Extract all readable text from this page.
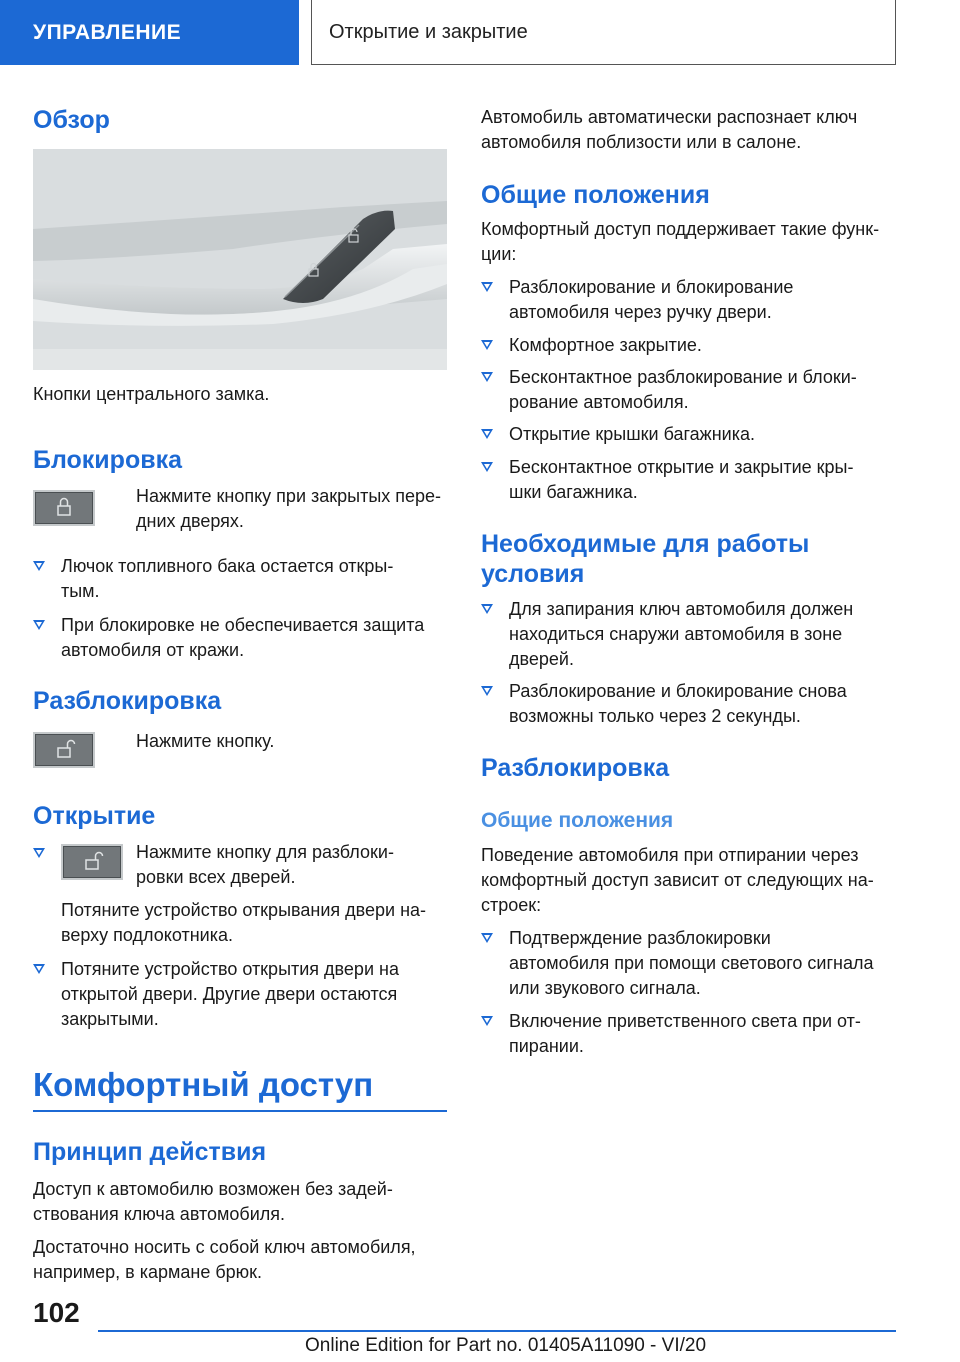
УПРАВЛЕНИЕ	Открытие и закрытие
Обзор

Кнопки центрального замка.

Блокировка

Нажмите кнопку при закрытых пере-

дних дверях.

Лючок топливного бака остается откры-
тым.
При блокировке не обеспечивается защита
автомобиля от кражи.
Разблокировка

Нажмите кнопку.

Открытие

Нажмите кнопку для разблоки-

ровки всех дверей.

Потяните устройство открывания двери на-

верху подлокотника.

Потяните устройство открытия двери на
открытой двери. Другие двери остаются
закрытыми.
Комфортный доступ
Принцип действия

Доступ к автомобилю возможен без задей-

ствования ключа автомобиля.

Достаточно носить с собой ключ автомобиля,

например, в кармане брюк.

Автомобиль автоматически распознает ключ

автомобиля поблизости или в салоне.

Общие положения

Комфортный доступ поддерживает такие функ-

ции:

Разблокирование и блокирование
автомобиля через ручку двери.
Комфортное закрытие.
Бесконтактное разблокирование и блоки-
рование автомобиля.
Открытие крышки багажника.
Бесконтактное открытие и закрытие кры-
шки багажника.
Необходимые для работы
условия
Для запирания ключ автомобиля должен
находиться снаружи автомобиля в зоне
дверей.
Разблокирование и блокирование снова
возможны только через 2 секунды.
Разблокировка
Общие положения

Поведение автомобиля при отпирании через

комфортный доступ зависит от следующих на-

строек:

Подтверждение разблокировки
автомобиля при помощи светового сигнала
или звукового сигнала.
Включение приветственного света при от-
пирании.
102
Online Edition for Part no. 01405A11090 - VI/20
